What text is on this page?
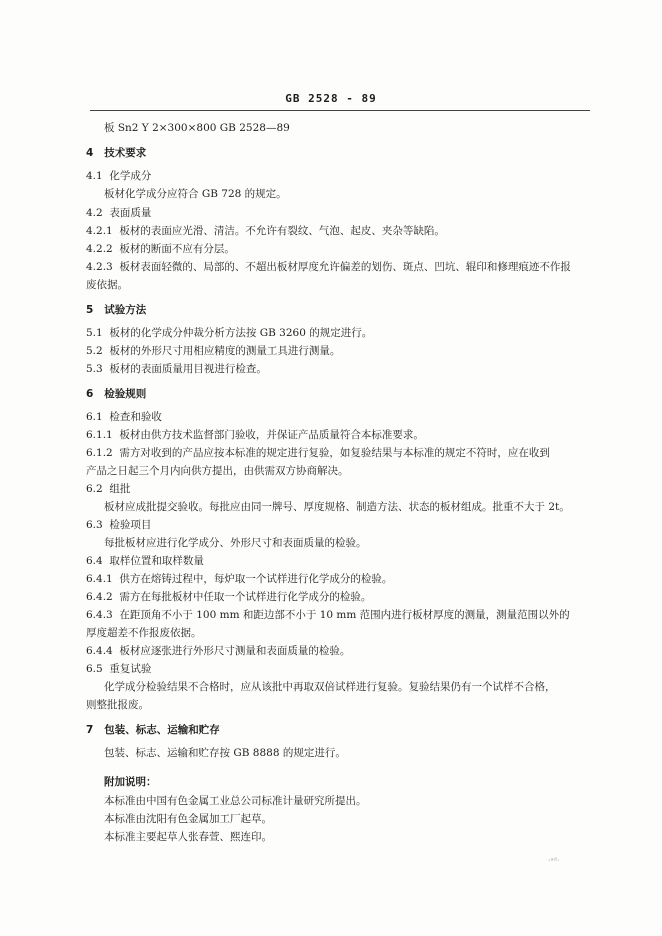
GB 2528 - 89
板 Sn2 Y 2×300×800 GB 2528—89
4 技术要求
4.1 化学成分
板材化学成分应符合 GB 728 的规定。
4.2 表面质量
4.2.1 板材的表面应光滑、清洁。不允许有裂纹、气泡、起皮、夹杂等缺陷。
4.2.2 板材的断面不应有分层。
4.2.3 板材表面轻微的、局部的、不超出板材厚度允许偏差的划伤、斑点、凹坑、辊印和修理痕迹不作报
废依据。
5 试验方法
5.1 板材的化学成分仲裁分析方法按 GB 3260 的规定进行。
5.2 板材的外形尺寸用相应精度的测量工具进行测量。
5.3 板材的表面质量用目视进行检查。
6 检验规则
6.1 检查和验收
6.1.1 板材由供方技术监督部门验收，并保证产品质量符合本标准要求。
6.1.2 需方对收到的产品应按本标准的规定进行复验，如复验结果与本标准的规定不符时，应在收到
产品之日起三个月内向供方提出，由供需双方协商解决。
6.2 组批
板材应成批提交验收。每批应由同一牌号、厚度规格、制造方法、状态的板材组成。批重不大于 2t。
6.3 检验项目
每批板材应进行化学成分、外形尺寸和表面质量的检验。
6.4 取样位置和取样数量
6.4.1 供方在熔铸过程中，每炉取一个试样进行化学成分的检验。
6.4.2 需方在每批板材中任取一个试样进行化学成分的检验。
6.4.3 在距顶角不小于 100 mm 和距边部不小于 10 mm 范围内进行板材厚度的测量，测量范围以外的
厚度超差不作报废依据。
6.4.4 板材应逐张进行外形尺寸测量和表面质量的检验。
6.5 重复试验
化学成分检验结果不合格时，应从该批中再取双倍试样进行复验。复验结果仍有一个试样不合格，
则整批报废。
7 包装、标志、运输和贮存
包装、标志、运输和贮存按 GB 8888 的规定进行。
附加说明：
本标准由中国有色金属工业总公司标准计量研究所提出。
本标准由沈阳有色金属加工厂起草。
本标准主要起草人张春萱、熙连印。
·ᵃᵈ·
